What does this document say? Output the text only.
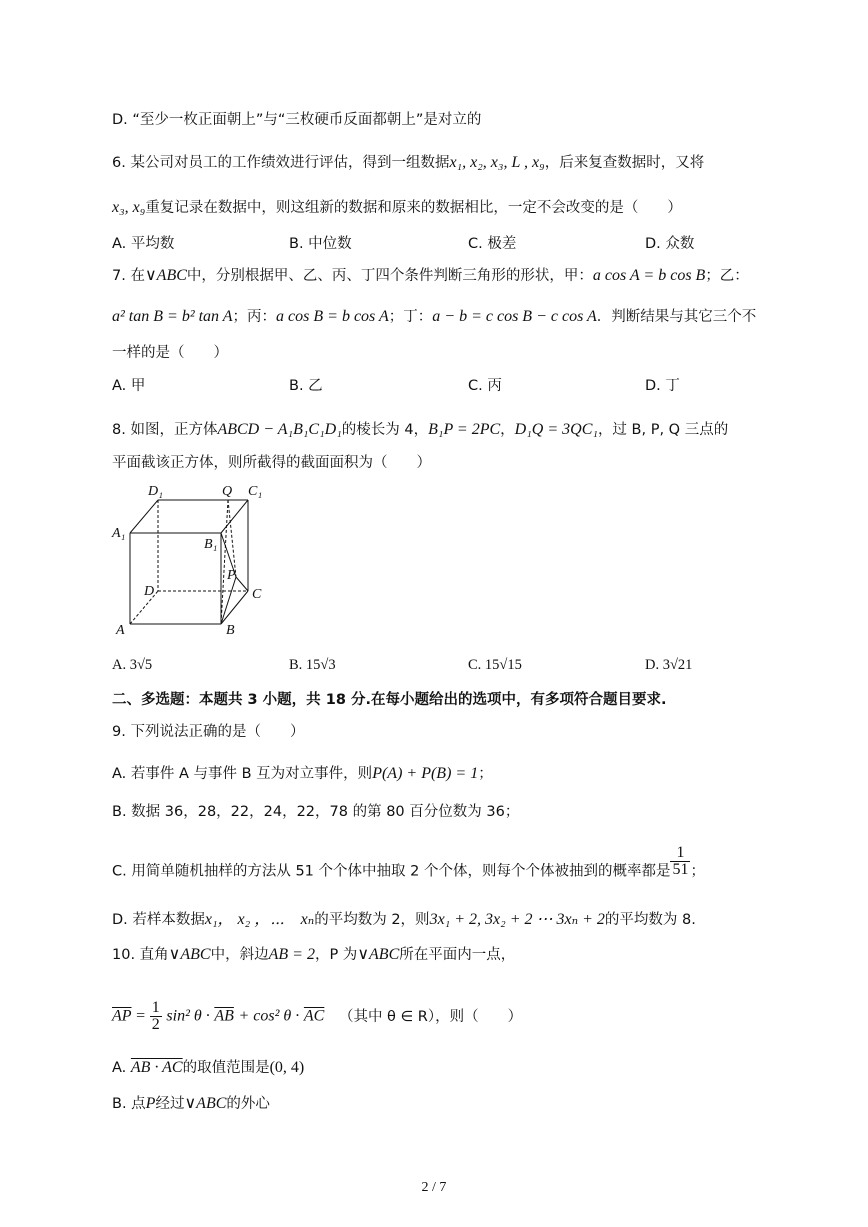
D. “至少一枚正面朝上”与“三枚硬币反面都朝上”是对立的
6. 某公司对员工的工作绩效进行评估，得到一组数据x₁, x₂, x₃, L , x₉，后来复查数据时，又将
x₃, x₉重复记录在数据中，则这组新的数据和原来的数据相比，一定不会改变的是（　　）
A. 平均数	B. 中位数	C. 极差	D. 众数
7. 在∨ABC中，分别根据甲、乙、丙、丁四个条件判断三角形的形状，甲：a cos A = b cos B；乙：
a² tan B = b² tan A；丙：a cos B = b cos A；丁：a − b = c cos B − c cos A．判断结果与其它三个不
一样的是（　　）
A. 甲	B. 乙	C. 丙	D. 丁
8. 如图，正方体ABCD − A₁B₁C₁D₁的棱长为 4，B₁P = 2PC，D₁Q = 3QC₁，过 B, P, Q 三点的
平面截该正方体，则所截得的截面面积为（　　）
D₁	Q C₁
A₁
B₁
P
D	C
A	B
A. 3√5	B. 15√3	C. 15√15	D. 3√21
二、多选题：本题共 3 小题，共 18 分.在每小题给出的选项中，有多项符合题目要求.
9. 下列说法正确的是（　　）
A. 若事件 A 与事件 B 互为对立事件，则P(A) + P(B) = 1；
B. 数据 36，28，22，24，22，78 的第 80 百分位数为 36；
C. 用简单随机抽样的方法从 51 个个体中抽取 2 个个体，则每个个体被抽到的概率都是 $\frac{1}{51}$ ；
D. 若样本数据x₁， x₂ ，⋯　xₙ的平均数为 2，则3x₁ + 2, 3x₂ + 2 ⋯ 3xₙ + 2的平均数为 8.
10. 直角∨ABC中，斜边AB = 2，P 为∨ABC所在平面内一点，
$\overline{AP} = \frac{1}{2} \sin^2$ $\theta \cdot \overline{AB} + \cos^2$ $\theta \cdot \overline{AC}$ （其中 θ ∈ R），则（　　）
A. AB · AC的取值范围是(0, 4)
B. 点P经过∨ABC的外心
2 / 7
